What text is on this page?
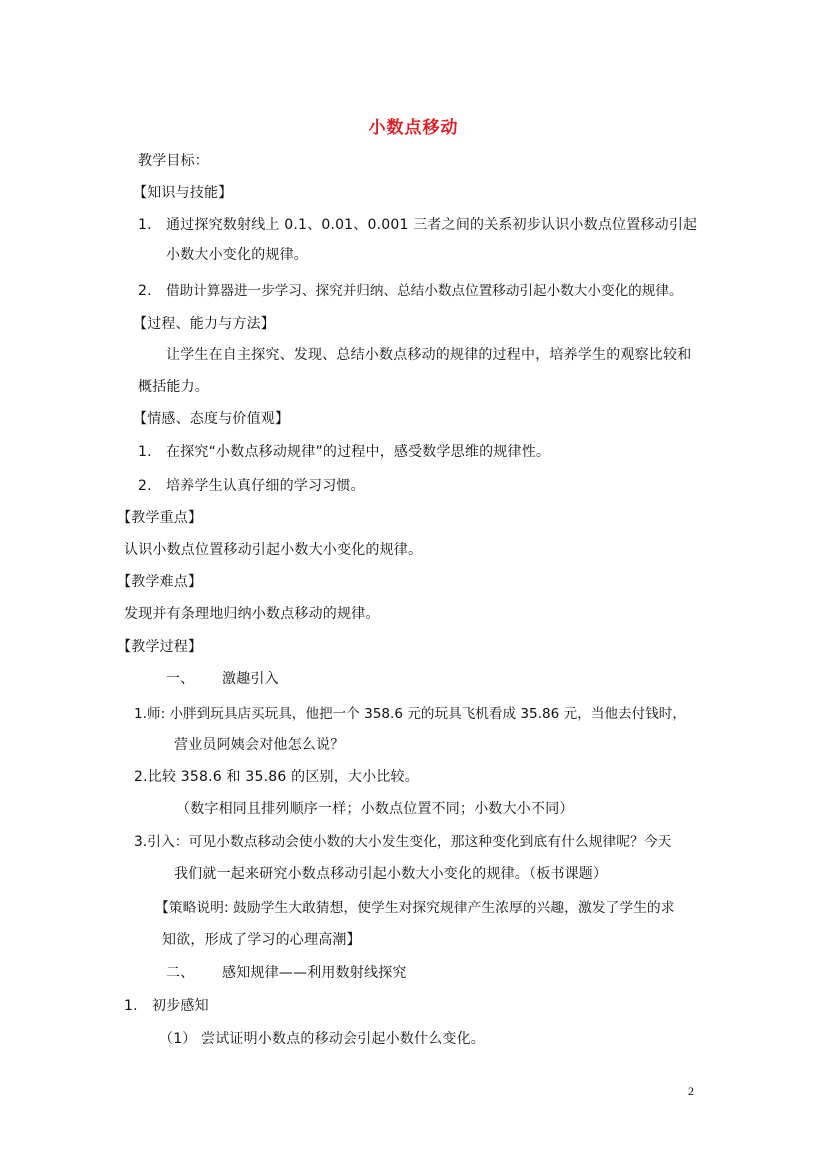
小数点移动
教学目标：
【知识与技能】
1. 通过探究数射线上 0.1、0.01、0.001 三者之间的关系初步认识小数点位置移动引起
小数大小变化的规律。
2. 借助计算器进一步学习、探究并归纳、总结小数点位置移动引起小数大小变化的规律。
【过程、能力与方法】
让学生在自主探究、发现、总结小数点移动的规律的过程中，培养学生的观察比较和
概括能力。
【情感、态度与价值观】
1. 在探究“小数点移动规律”的过程中，感受数学思维的规律性。
2. 培养学生认真仔细的学习习惯。
【教学重点】
认识小数点位置移动引起小数大小变化的规律。
【教学难点】
发现并有条理地归纳小数点移动的规律。
【教学过程】
一、 激趣引入
1.师: 小胖到玩具店买玩具，他把一个 358.6 元的玩具飞机看成 35.86 元，当他去付钱时，
营业员阿姨会对他怎么说？
2.比较 358.6 和 35.86 的区别，大小比较。
（数字相同且排列顺序一样；小数点位置不同；小数大小不同）
3.引入：可见小数点移动会使小数的大小发生变化，那这种变化到底有什么规律呢？今天
我们就一起来研究小数点移动引起小数大小变化的规律。（板书课题）
【策略说明: 鼓励学生大敢猜想，使学生对探究规律产生浓厚的兴趣，激发了学生的求
知欲，形成了学习的心理高潮】
二、 感知规律——利用数射线探究
1. 初步感知
（1） 尝试证明小数点的移动会引起小数什么变化。
2
